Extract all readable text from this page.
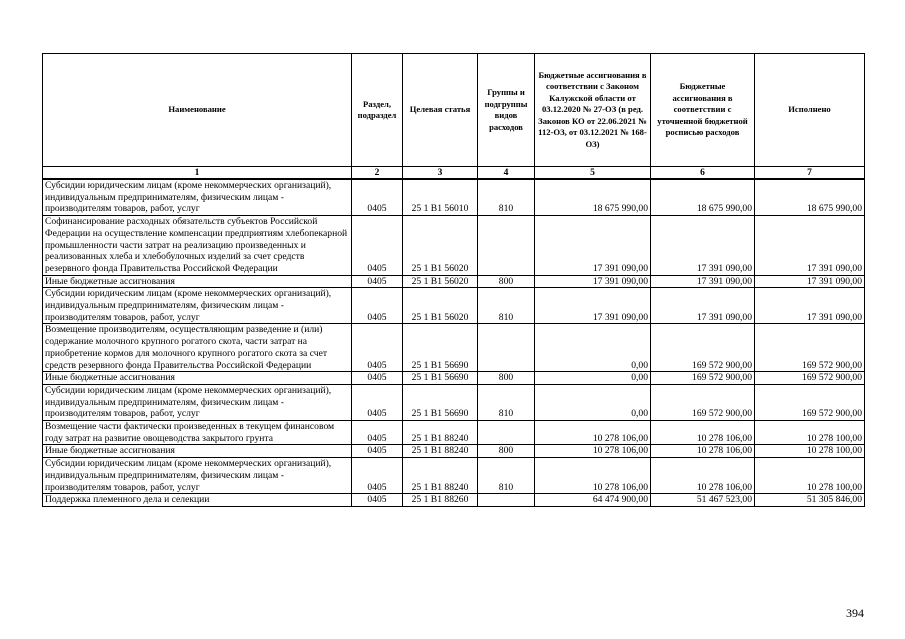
Наименование	Раздел, подраздел	Целевая статья	Группы и подгруппы видов расходов	Бюджетные ассигнования в соответствии с Законом Калужской области от 03.12.2020 № 27-ОЗ (в ред. Законов КО от 22.06.2021 № 112-ОЗ, от 03.12.2021 № 168-ОЗ)	Бюджетные ассигнования в соответствии с уточненной бюджетной росписью расходов	Исполнено
1	2	3	4	5	6	7
Субсидии юридическим лицам (кроме некоммерческих организаций), индивидуальным предпринимателям, физическим лицам - производителям товаров, работ, услуг	0405	25 1 B1 56010	810	18 675 990,00	18 675 990,00	18 675 990,00
Софинансирование расходных обязательств субъектов Российской Федерации на осуществление компенсации предприятиям хлебопекарной промышленности части затрат на реализацию произведенных и реализованных хлеба и хлебобулочных изделий за счет средств резервного фонда Правительства Российской Федерации	0405	25 1 B1 56020		17 391 090,00	17 391 090,00	17 391 090,00
Иные бюджетные ассигнования	0405	25 1 B1 56020	800	17 391 090,00	17 391 090,00	17 391 090,00
Субсидии юридическим лицам (кроме некоммерческих организаций), индивидуальным предпринимателям, физическим лицам - производителям товаров, работ, услуг	0405	25 1 B1 56020	810	17 391 090,00	17 391 090,00	17 391 090,00
Возмещение производителям, осуществляющим разведение и (или) содержание молочного крупного рогатого скота, части затрат на приобретение кормов для молочного крупного рогатого скота за счет средств резервного фонда Правительства Российской Федерации	0405	25 1 B1 56690		0,00	169 572 900,00	169 572 900,00
Иные бюджетные ассигнования	0405	25 1 B1 56690	800	0,00	169 572 900,00	169 572 900,00
Субсидии юридическим лицам (кроме некоммерческих организаций), индивидуальным предпринимателям, физическим лицам - производителям товаров, работ, услуг	0405	25 1 B1 56690	810	0,00	169 572 900,00	169 572 900,00
Возмещение части фактически произведенных в текущем финансовом году затрат на развитие овощеводства закрытого грунта	0405	25 1 B1 88240		10 278 106,00	10 278 106,00	10 278 100,00
Иные бюджетные ассигнования	0405	25 1 B1 88240	800	10 278 106,00	10 278 106,00	10 278 100,00
Субсидии юридическим лицам (кроме некоммерческих организаций), индивидуальным предпринимателям, физическим лицам - производителям товаров, работ, услуг	0405	25 1 B1 88240	810	10 278 106,00	10 278 106,00	10 278 100,00
Поддержка племенного дела и селекции	0405	25 1 B1 88260		64 474 900,00	51 467 523,00	51 305 846,00
394
